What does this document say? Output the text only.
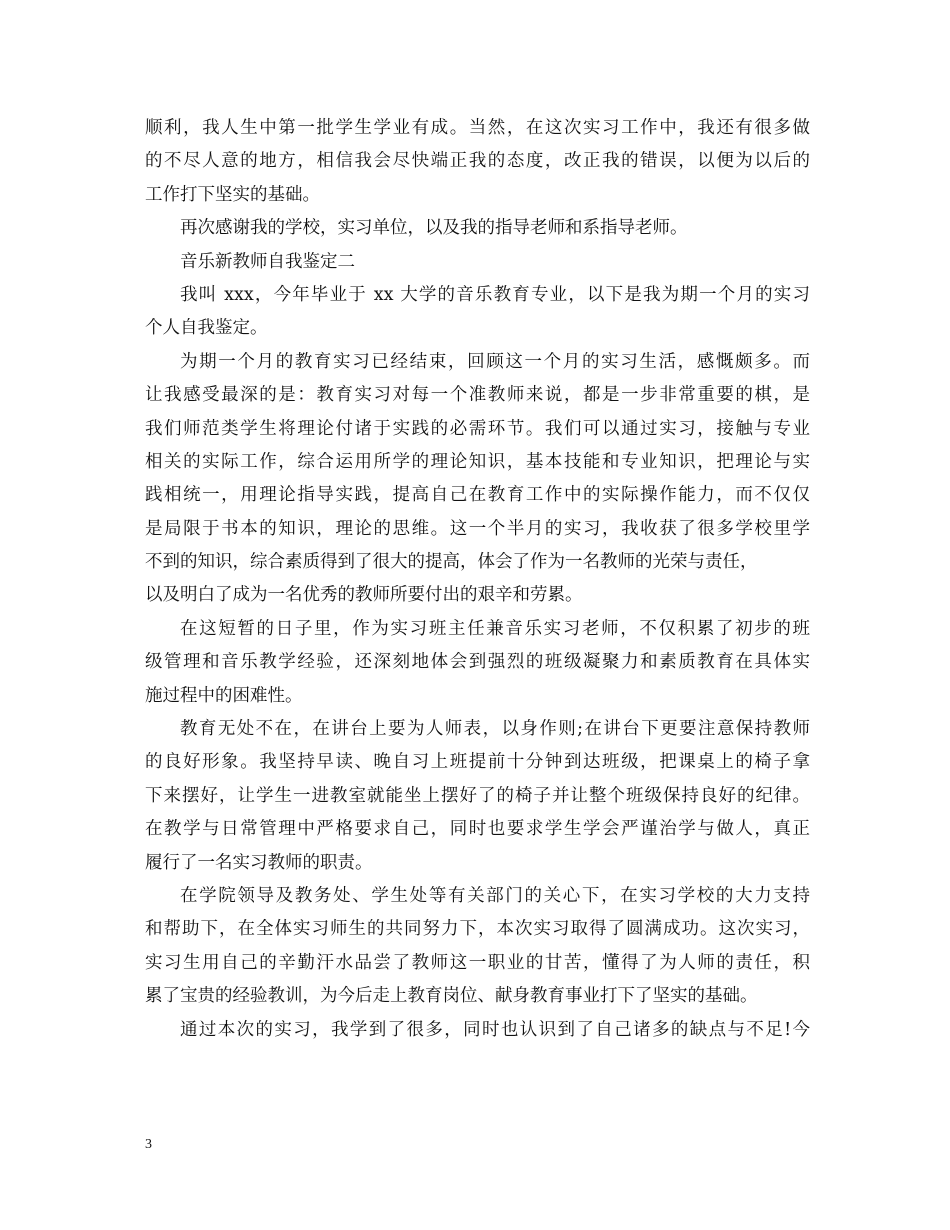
顺利，我人生中第一批学生学业有成。当然，在这次实习工作中，我还有很多做
的不尽人意的地方，相信我会尽快端正我的态度，改正我的错误，以便为以后的
工作打下坚实的基础。
再次感谢我的学校，实习单位，以及我的指导老师和系指导老师。
音乐新教师自我鉴定二
我叫 xxx，今年毕业于 xx 大学的音乐教育专业，以下是我为期一个月的实习
个人自我鉴定。
为期一个月的教育实习已经结束，回顾这一个月的实习生活，感慨颇多。而
让我感受最深的是：教育实习对每一个准教师来说，都是一步非常重要的棋，是
我们师范类学生将理论付诸于实践的必需环节。我们可以通过实习，接触与专业
相关的实际工作，综合运用所学的理论知识，基本技能和专业知识，把理论与实
践相统一，用理论指导实践，提高自己在教育工作中的实际操作能力，而不仅仅
是局限于书本的知识，理论的思维。这一个半月的实习，我收获了很多学校里学
不到的知识，综合素质得到了很大的提高，体会了作为一名教师的光荣与责任，
以及明白了成为一名优秀的教师所要付出的艰辛和劳累。
在这短暂的日子里，作为实习班主任兼音乐实习老师，不仅积累了初步的班
级管理和音乐教学经验，还深刻地体会到强烈的班级凝聚力和素质教育在具体实
施过程中的困难性。
教育无处不在，在讲台上要为人师表，以身作则;在讲台下更要注意保持教师
的良好形象。我坚持早读、晚自习上班提前十分钟到达班级，把课桌上的椅子拿
下来摆好，让学生一进教室就能坐上摆好了的椅子并让整个班级保持良好的纪律。
在教学与日常管理中严格要求自己，同时也要求学生学会严谨治学与做人，真正
履行了一名实习教师的职责。
在学院领导及教务处、学生处等有关部门的关心下，在实习学校的大力支持
和帮助下，在全体实习师生的共同努力下，本次实习取得了圆满成功。这次实习，
实习生用自己的辛勤汗水品尝了教师这一职业的甘苦，懂得了为人师的责任，积
累了宝贵的经验教训，为今后走上教育岗位、献身教育事业打下了坚实的基础。
通过本次的实习，我学到了很多，同时也认识到了自己诸多的缺点与不足!今
3
